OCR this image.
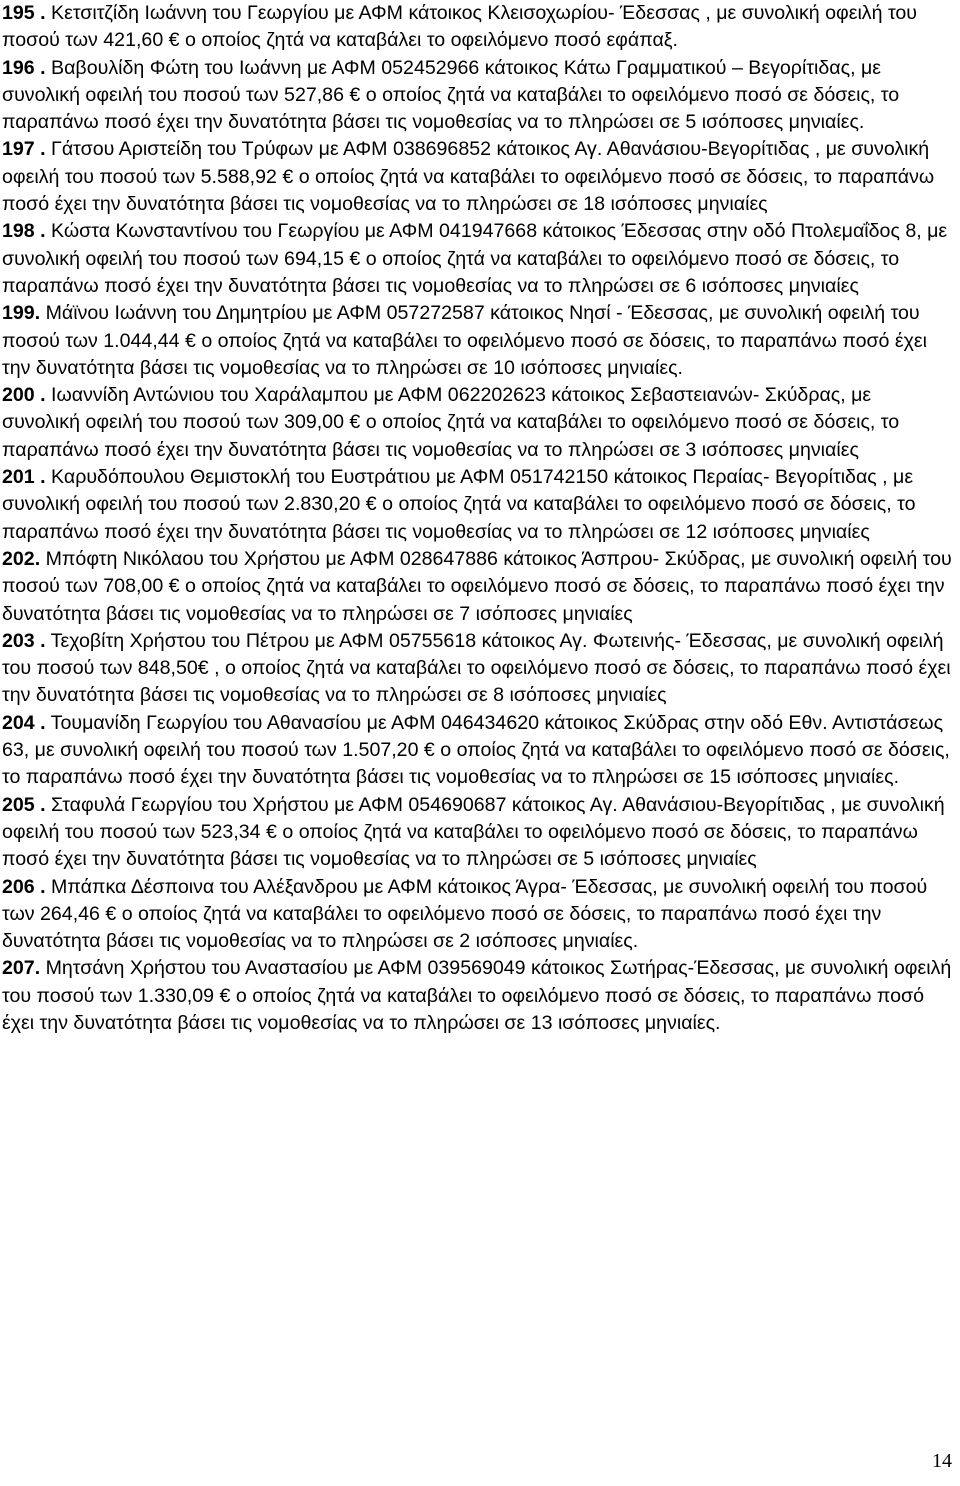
195 . Κετσιτζίδη Ιωάννη του Γεωργίου με ΑΦΜ κάτοικος Κλεισοχωρίου- Έδεσσας , με συνολική οφειλή του ποσού των 421,60 € ο οποίος ζητά να καταβάλει το οφειλόμενο ποσό εφάπαξ.

196 . Βαβουλίδη Φώτη του Ιωάννη με ΑΦΜ 052452966 κάτοικος Κάτω Γραμματικού – Βεγορίτιδας, με συνολική οφειλή του ποσού των 527,86 € ο οποίος ζητά να καταβάλει το οφειλόμενο ποσό σε δόσεις, το παραπάνω ποσό έχει την δυνατότητα βάσει τις νομοθεσίας να το πληρώσει σε 5 ισόποσες μηνιαίες.

197 . Γάτσου Αριστείδη του Τρύφων με ΑΦΜ 038696852 κάτοικος Αγ. Αθανάσιου-Βεγορίτιδας , με συνολική οφειλή του ποσού των 5.588,92 € ο οποίος ζητά να καταβάλει το οφειλόμενο ποσό σε δόσεις, το παραπάνω ποσό έχει την δυνατότητα βάσει τις νομοθεσίας να το πληρώσει σε 18 ισόποσες μηνιαίες

198 . Κώστα Κωνσταντίνου του Γεωργίου με ΑΦΜ 041947668 κάτοικος Έδεσσας στην οδό Πτολεμαΐδος 8, με συνολική οφειλή του ποσού των 694,15 € ο οποίος ζητά να καταβάλει το οφειλόμενο ποσό σε δόσεις, το παραπάνω ποσό έχει την δυνατότητα βάσει τις νομοθεσίας να το πληρώσει σε 6 ισόποσες μηνιαίες

199. Μάϊνου Ιωάννη του Δημητρίου με ΑΦΜ 057272587 κάτοικος Νησί - Έδεσσας, με συνολική οφειλή του ποσού των 1.044,44 € ο οποίος ζητά να καταβάλει το οφειλόμενο ποσό σε δόσεις, το παραπάνω ποσό έχει την δυνατότητα βάσει τις νομοθεσίας να το πληρώσει σε 10 ισόποσες μηνιαίες.

200 . Ιωαννίδη Αντώνιου του Χαράλαμπου με ΑΦΜ 062202623 κάτοικος Σεβαστειανών- Σκύδρας, με συνολική οφειλή του ποσού των 309,00 € ο οποίος ζητά να καταβάλει το οφειλόμενο ποσό σε δόσεις, το παραπάνω ποσό έχει την δυνατότητα βάσει τις νομοθεσίας να το πληρώσει σε 3 ισόποσες μηνιαίες

201 . Καρυδόπουλου Θεμιστοκλή του Ευστράτιου με ΑΦΜ 051742150 κάτοικος Περαίας- Βεγορίτιδας , με συνολική οφειλή του ποσού των 2.830,20 € ο οποίος ζητά να καταβάλει το οφειλόμενο ποσό σε δόσεις, το παραπάνω ποσό έχει την δυνατότητα βάσει τις νομοθεσίας να το πληρώσει σε 12 ισόποσες μηνιαίες

202. Μπόφτη Νικόλαου του Χρήστου με ΑΦΜ 028647886 κάτοικος Άσπρου- Σκύδρας, με συνολική οφειλή του ποσού των 708,00 € ο οποίος ζητά να καταβάλει το οφειλόμενο ποσό σε δόσεις, το παραπάνω ποσό έχει την δυνατότητα βάσει τις νομοθεσίας να το πληρώσει σε 7 ισόποσες μηνιαίες

203 . Τεχοβίτη Χρήστου του Πέτρου με ΑΦΜ 05755618 κάτοικος Αγ. Φωτεινής- Έδεσσας, με συνολική οφειλή του ποσού των 848,50€ , ο οποίος ζητά να καταβάλει το οφειλόμενο ποσό σε δόσεις, το παραπάνω ποσό έχει την δυνατότητα βάσει τις νομοθεσίας να το πληρώσει σε 8 ισόποσες μηνιαίες

204 . Τουμανίδη Γεωργίου του Αθανασίου με ΑΦΜ 046434620 κάτοικος Σκύδρας στην οδό Εθν. Αντιστάσεως 63, με συνολική οφειλή του ποσού των 1.507,20 € ο οποίος ζητά να καταβάλει το οφειλόμενο ποσό σε δόσεις, το παραπάνω ποσό έχει την δυνατότητα βάσει τις νομοθεσίας να το πληρώσει σε 15 ισόποσες μηνιαίες.

205 . Σταφυλά Γεωργίου του Χρήστου με ΑΦΜ 054690687 κάτοικος Αγ. Αθανάσιου-Βεγορίτιδας , με συνολική οφειλή του ποσού των 523,34 € ο οποίος ζητά να καταβάλει το οφειλόμενο ποσό σε δόσεις, το παραπάνω ποσό έχει την δυνατότητα βάσει τις νομοθεσίας να το πληρώσει σε 5 ισόποσες μηνιαίες

206 . Μπάπκα Δέσποινα του Αλέξανδρου με ΑΦΜ κάτοικος Άγρα- Έδεσσας, με συνολική οφειλή του ποσού των 264,46 € ο οποίος ζητά να καταβάλει το οφειλόμενο ποσό σε δόσεις, το παραπάνω ποσό έχει την δυνατότητα βάσει τις νομοθεσίας να το πληρώσει σε 2 ισόποσες μηνιαίες.

207. Μητσάνη Χρήστου του Αναστασίου με ΑΦΜ 039569049 κάτοικος Σωτήρας-Έδεσσας, με συνολική οφειλή του ποσού των 1.330,09 € ο οποίος ζητά να καταβάλει το οφειλόμενο ποσό σε δόσεις, το παραπάνω ποσό έχει την δυνατότητα βάσει τις νομοθεσίας να το πληρώσει σε 13 ισόποσες μηνιαίες.

14
